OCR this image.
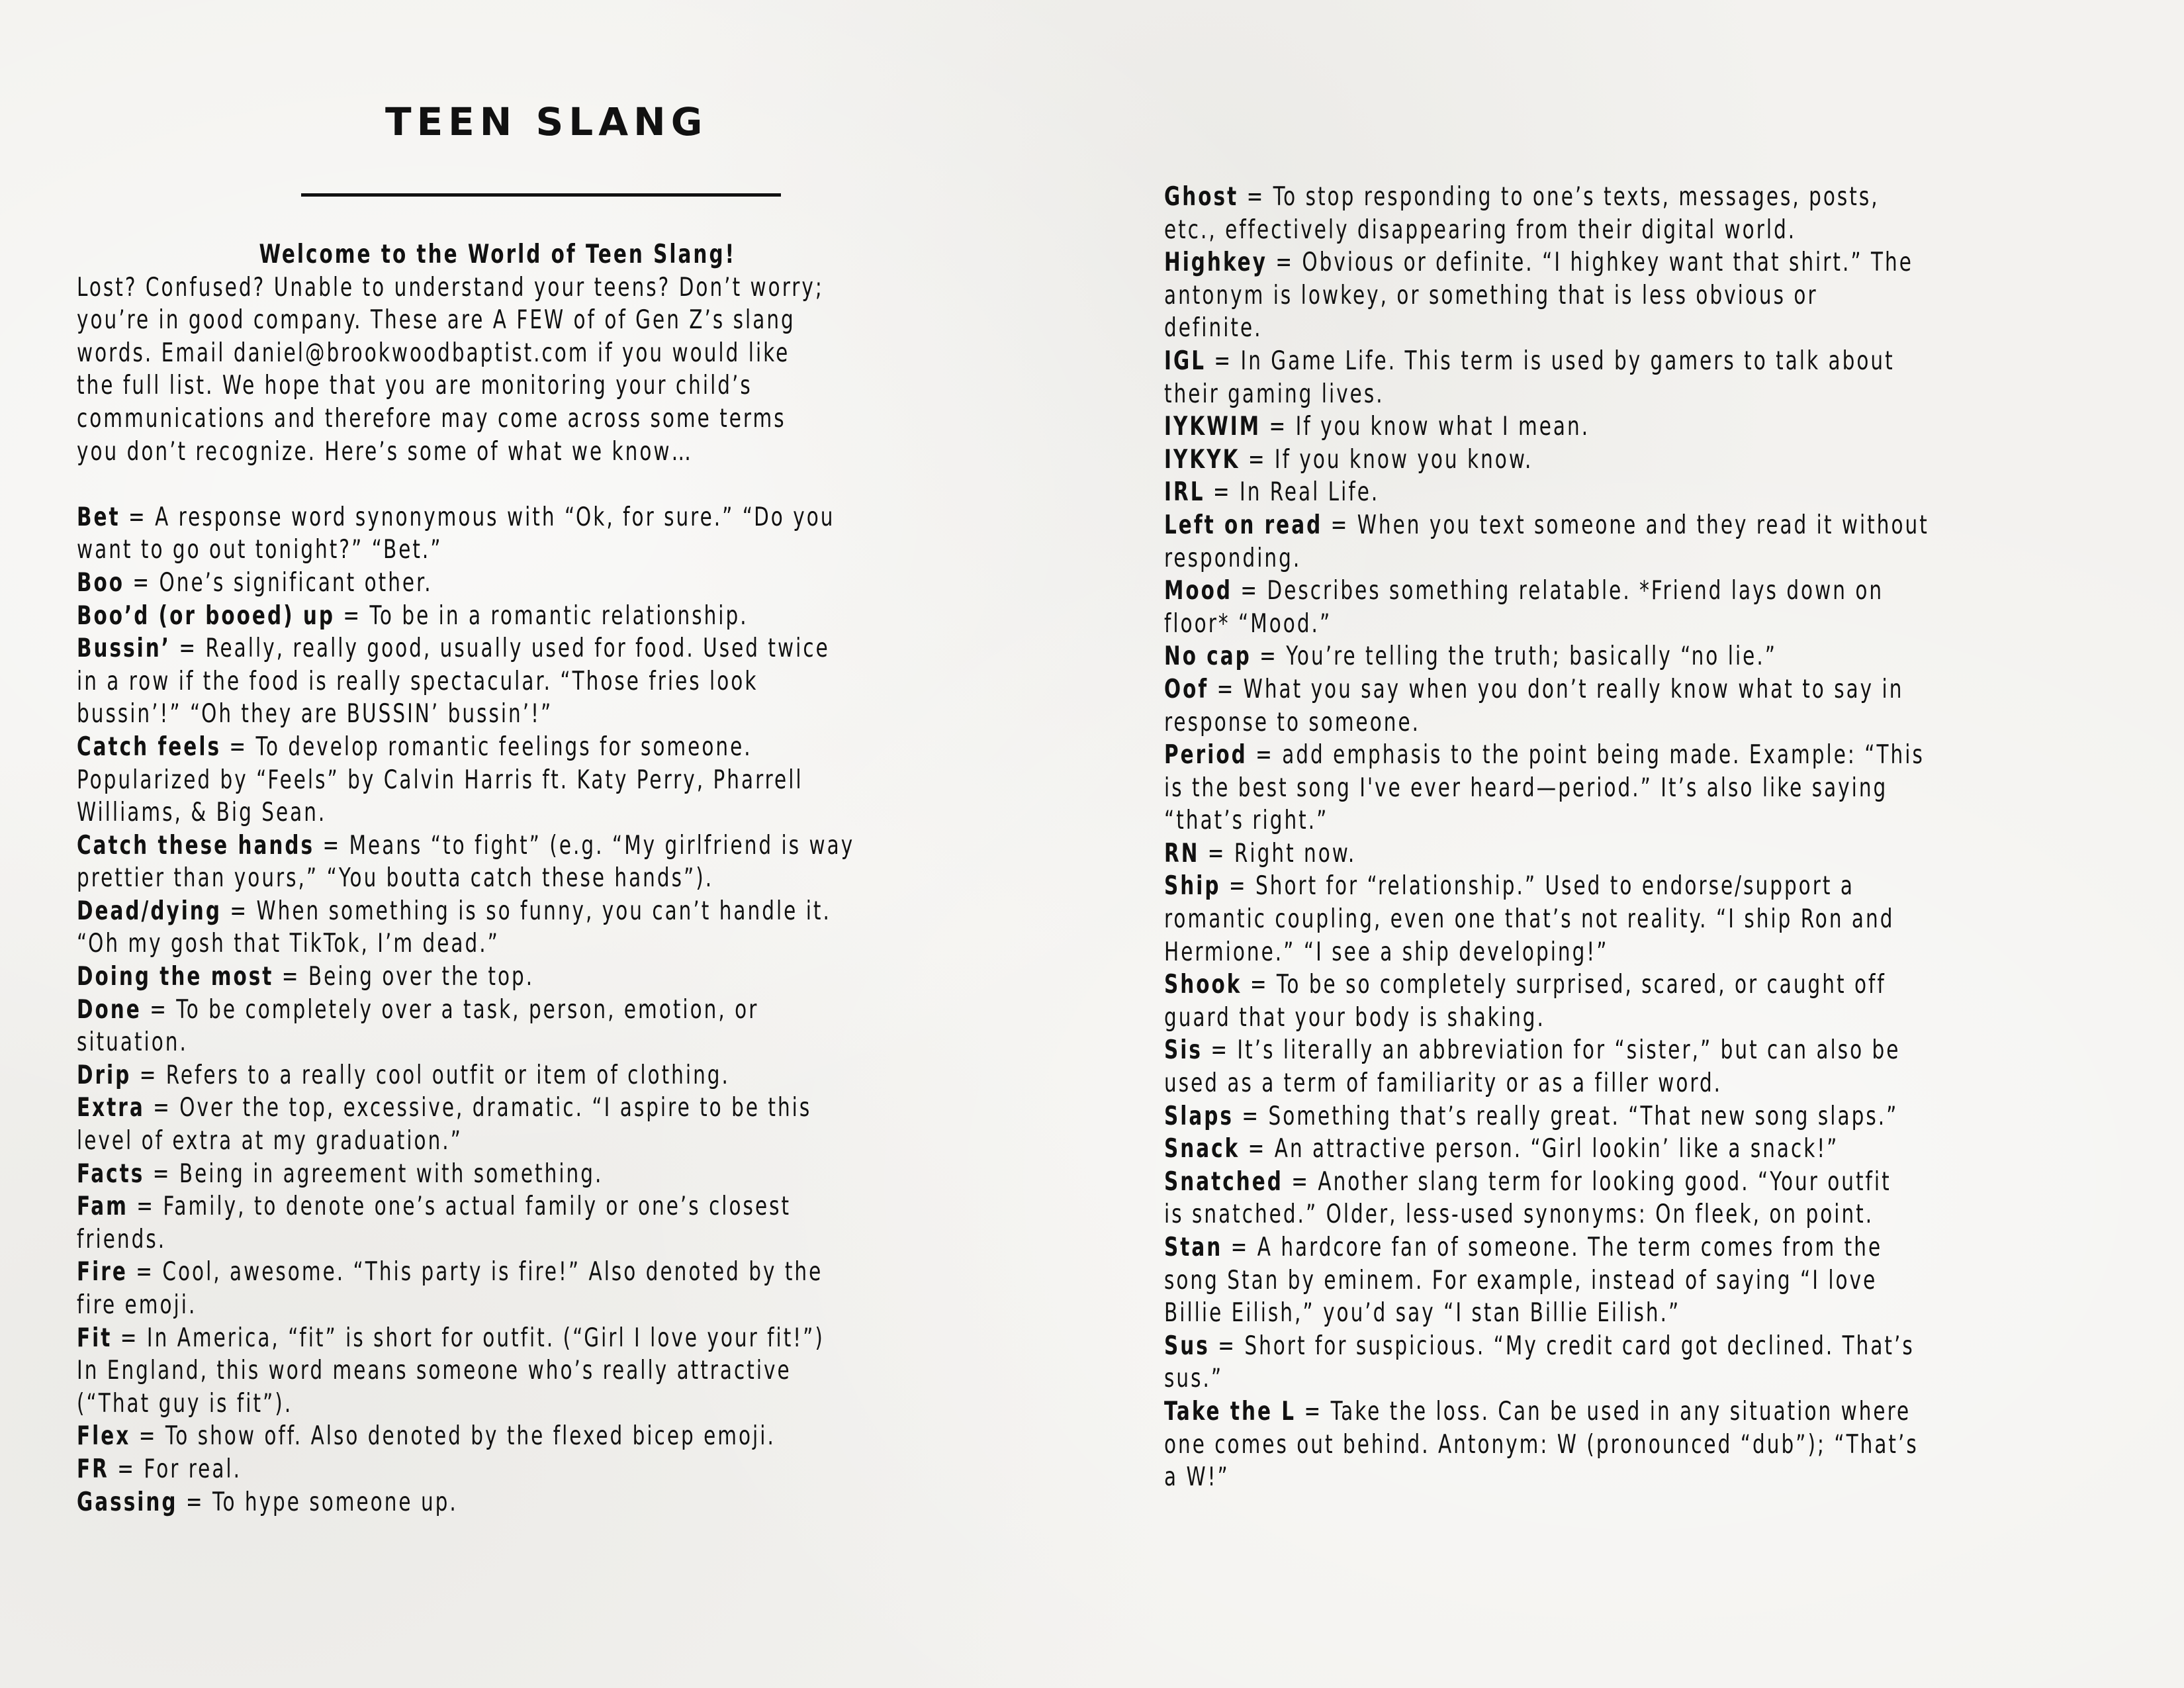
TEEN SLANG
Welcome to the World of Teen Slang!
Lost? Confused? Unable to understand your teens? Don’t worry;
you’re in good company. These are A FEW of of Gen Z’s slang
words. Email daniel@brookwoodbaptist.com if you would like
the full list. We hope that you are monitoring your child’s
communications and therefore may come across some terms
you don’t recognize. Here’s some of what we know…
Bet = A response word synonymous with “Ok, for sure.” “Do you
want to go out tonight?” “Bet.”
Boo = One’s significant other.
Boo’d (or booed) up = To be in a romantic relationship.
Bussin’ = Really, really good, usually used for food. Used twice
in a row if the food is really spectacular. “Those fries look
bussin’!” “Oh they are BUSSIN’ bussin’!”
Catch feels = To develop romantic feelings for someone.
Popularized by “Feels” by Calvin Harris ft. Katy Perry, Pharrell
Williams, & Big Sean.
Catch these hands = Means “to fight” (e.g. “My girlfriend is way
prettier than yours,” “You boutta catch these hands”).
Dead/dying = When something is so funny, you can’t handle it.
“Oh my gosh that TikTok, I’m dead.”
Doing the most = Being over the top.
Done = To be completely over a task, person, emotion, or
situation.
Drip = Refers to a really cool outfit or item of clothing.
Extra = Over the top, excessive, dramatic. “I aspire to be this
level of extra at my graduation.”
Facts = Being in agreement with something.
Fam = Family, to denote one’s actual family or one’s closest
friends.
Fire = Cool, awesome. “This party is fire!” Also denoted by the
fire emoji.
Fit = In America, “fit” is short for outfit. (“Girl I love your fit!”)
In England, this word means someone who’s really attractive
(“That guy is fit”).
Flex = To show off. Also denoted by the flexed bicep emoji.
FR = For real.
Gassing = To hype someone up.
Ghost = To stop responding to one’s texts, messages, posts,
etc., effectively disappearing from their digital world.
Highkey = Obvious or definite. “I highkey want that shirt.” The
antonym is lowkey, or something that is less obvious or
definite.
IGL = In Game Life. This term is used by gamers to talk about
their gaming lives.
IYKWIM = If you know what I mean.
IYKYK = If you know you know.
IRL = In Real Life.
Left on read = When you text someone and they read it without
responding.
Mood = Describes something relatable. *Friend lays down on
floor* “Mood.”
No cap = You’re telling the truth; basically “no lie.”
Oof = What you say when you don’t really know what to say in
response to someone.
Period = add emphasis to the point being made. Example: “This
is the best song I've ever heard—period.” It’s also like saying
“that’s right.”
RN = Right now.
Ship = Short for “relationship.” Used to endorse/support a
romantic coupling, even one that’s not reality. “I ship Ron and
Hermione.” “I see a ship developing!”
Shook = To be so completely surprised, scared, or caught off
guard that your body is shaking.
Sis = It’s literally an abbreviation for “sister,” but can also be
used as a term of familiarity or as a filler word.
Slaps = Something that’s really great. “That new song slaps.”
Snack = An attractive person. “Girl lookin’ like a snack!”
Snatched = Another slang term for looking good. “Your outfit
is snatched.” Older, less-used synonyms: On fleek, on point.
Stan = A hardcore fan of someone. The term comes from the
song Stan by eminem. For example, instead of saying “I love
Billie Eilish,” you’d say “I stan Billie Eilish.”
Sus = Short for suspicious. “My credit card got declined. That’s
sus.”
Take the L = Take the loss. Can be used in any situation where
one comes out behind. Antonym: W (pronounced “dub”); “That’s
a W!”
